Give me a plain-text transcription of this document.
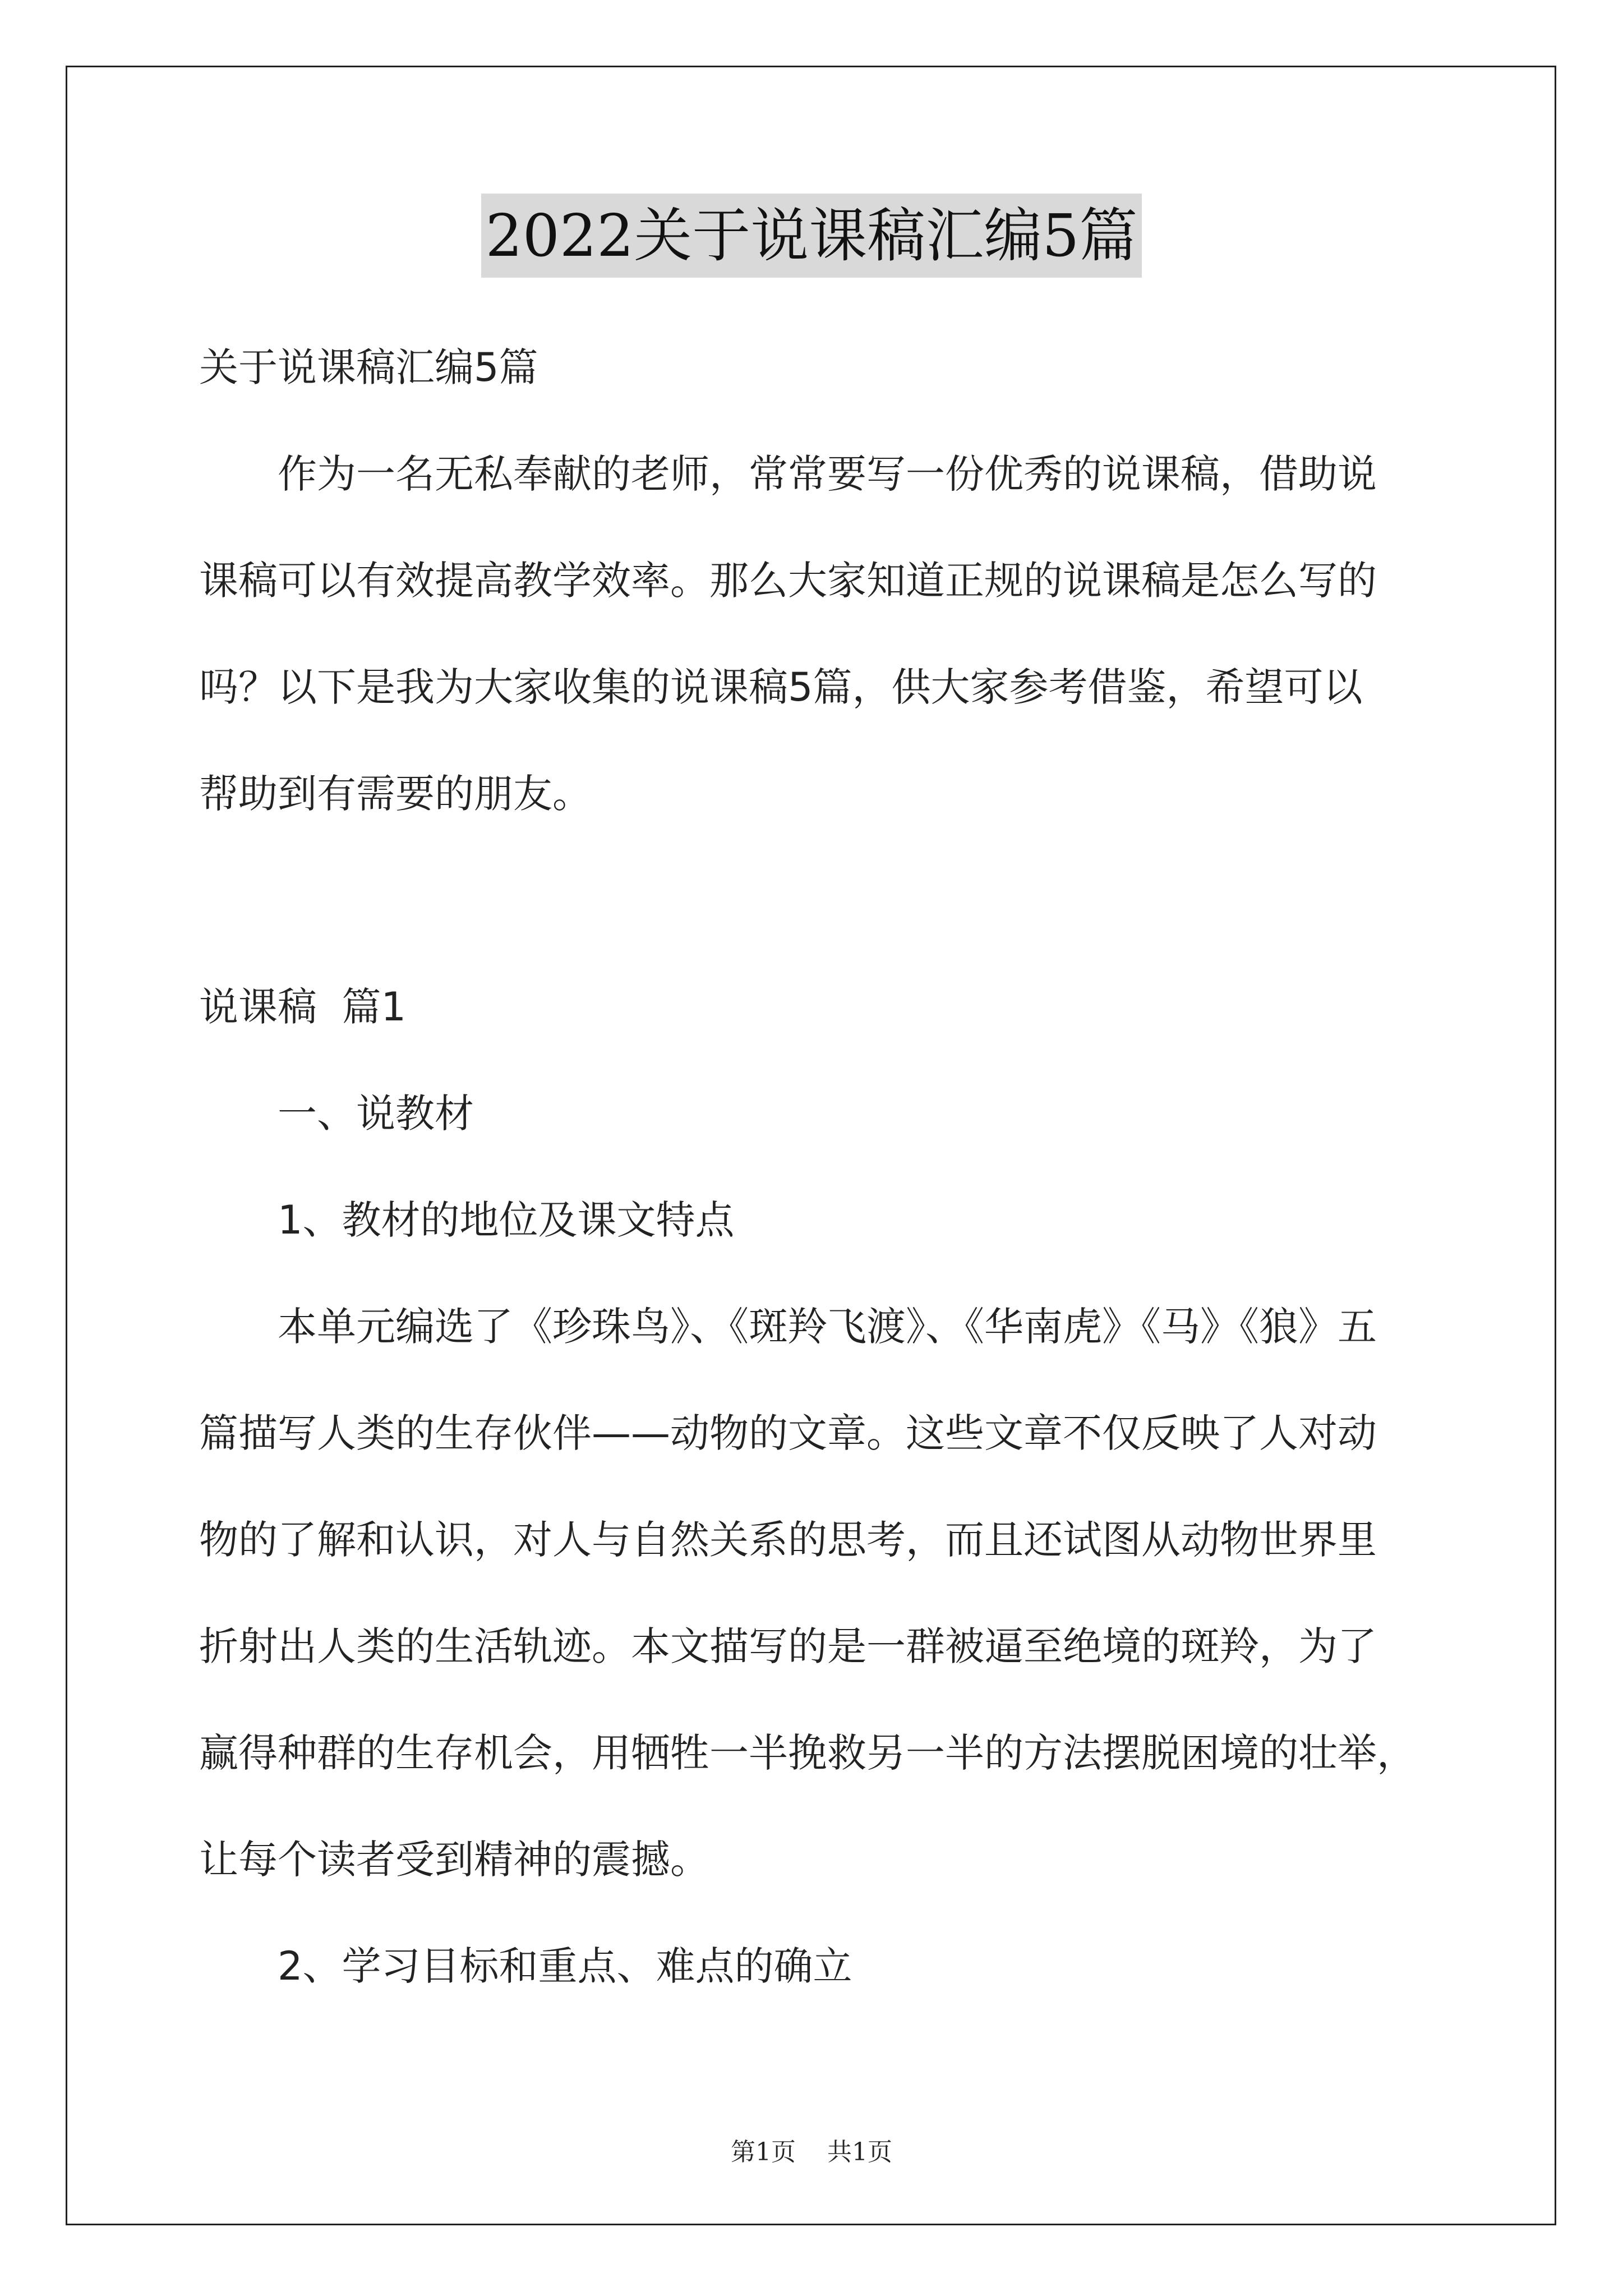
2022关于说课稿汇编5篇
关于说课稿汇编5篇
作为一名无私奉献的老师，常常要写一份优秀的说课稿，借助说
课稿可以有效提高教学效率。那么大家知道正规的说课稿是怎么写的
吗？以下是我为大家收集的说课稿5篇，供大家参考借鉴，希望可以
帮助到有需要的朋友。
说课稿  篇1
一、说教材
1、教材的地位及课文特点
本单元编选了《珍珠鸟》、《斑羚飞渡》、《华南虎》《马》《狼》五
篇描写人类的生存伙伴——动物的文章。这些文章不仅反映了人对动
物的了解和认识，对人与自然关系的思考，而且还试图从动物世界里
折射出人类的生活轨迹。本文描写的是一群被逼至绝境的斑羚，为了
赢得种群的生存机会，用牺牲一半挽救另一半的方法摆脱困境的壮举，
让每个读者受到精神的震撼。
2、学习目标和重点、难点的确立
第1页 共1页
